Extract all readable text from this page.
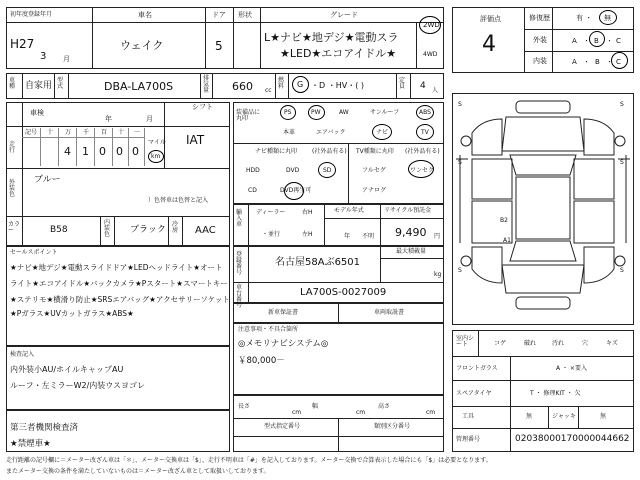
初年度登録年月
H27
3 月
車名
ウェイク
ドア
5
形状	グレード
L★ナビ★地デジ★電動スラ
★LED★エコアイドル★
2WD
4WD
評価点
4
修復歴	有 ・ 無
外装	A ・ B ・ C
内装	A ・ B ・ C
車種	自家用
型式	DBA-LA700S
排気量 660 cc
燃料 G ・D ・HV・( )
定員 4 人
車検
年	月
シフト
IAT
走行
記号 十 万 千 百 十 一
4 1 0 0 0
マイル
km
外装色
ブルー
）色替車は色替と記入
カラー	B58
内装色 ブラック
冷房 AAC
装備品に丸印
PS	PW	AW	サンルーフ	ABS
本革	エアバック	ナビ	TV
ナビ種類に丸印 (社外品有る)
HDD	DVD	SD
CD	DVD再生可
TV種類に丸印 (社外品有る)
フルセグ	ワンセグ
アナログ
輸入車
ディーラー
・並行
右H
左H
モデル年式
年 不明
リサイクル預託金
9,490 円
登録番号
最大積載量
kg
名古屋58Aぶ6501
車台番号
LA700S-0027009
新車保証書	車両取説書
セールスポイント
★ナビ★地デジ★電動スライドドア★LEDヘッドライト★オート
ライト★エコアイドル★バックカメラ★Pスタート★スマートキー
★ステリモ★横滑り防止★SRSエアバッグ★アクセサリーソケット
★Pガラス★UVカットガラス★ABS★
注意事項・不具合箇所
◎メモリナビシステム◎
￥80,000－
検査記入
内外装小AU/ホイルキャップAU
ルーフ・左ミラーW2/内装ウスヨゴレ
第三者機関検査済
★禁煙車★
長さ
cm
幅
cm
高さ
cm
型式指定番号	類別区分番号
S	S
S	S
S	S
B2
A1
室内シート	コゲ	破れ	汚れ	穴	キズ
フロントガラス	A ・ ×要入
スペアタイヤ	T ・ 修理KIT ・ 欠
工具	無	ジャッキ	無
管理番号	020380001700000446​62
走行距離の記号欄に＝メーター改ざん車は「＊」、メーター交換車は「$」、走行不明車は「#」を記入しております。メーター交換で合算表示した場合にも「$」は必要となります。
またメーター交換の条件を満たしていないものは＝メーター改ざん車として取扱いしております。
